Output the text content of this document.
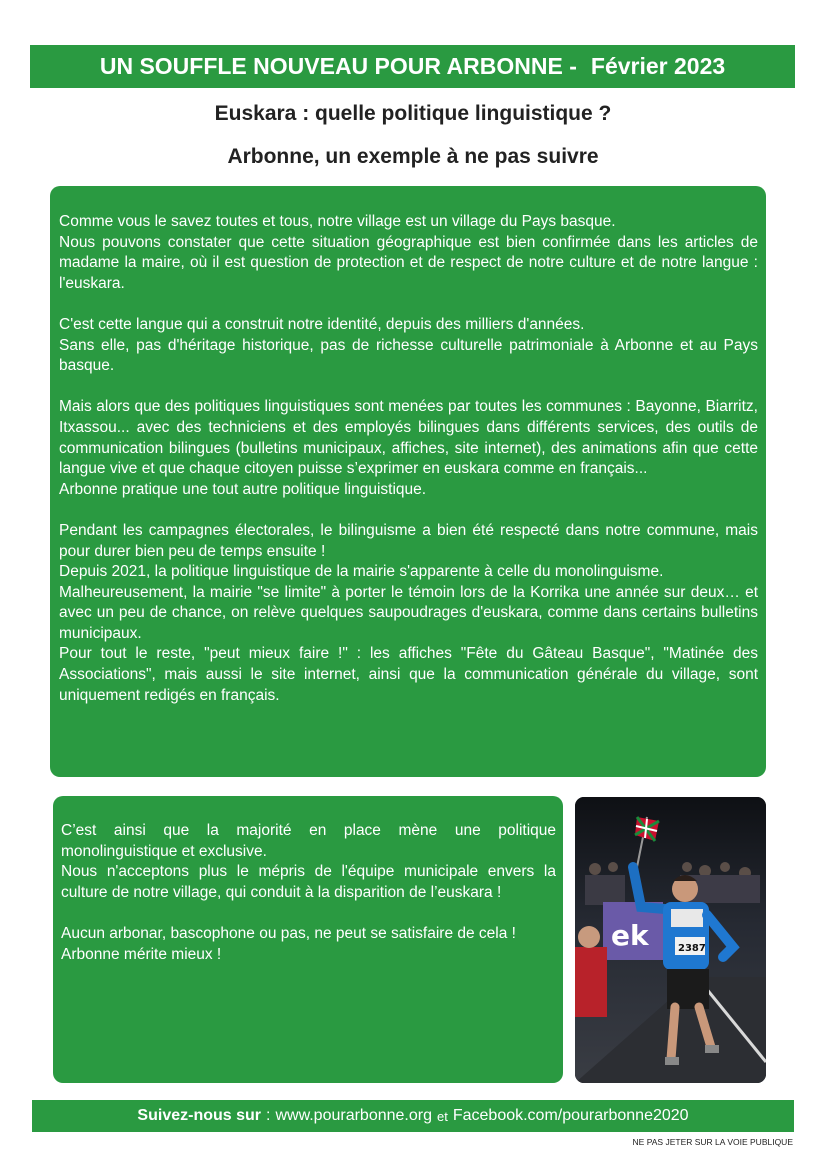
UN SOUFFLE NOUVEAU POUR ARBONNE - Février 2023
Euskara : quelle politique linguistique ?
Arbonne, un exemple à ne pas suivre

Comme vous le savez toutes et tous, notre village est un village du Pays basque.
Nous pouvons constater que cette situation géographique est bien confirmée dans les articles de madame la maire, où il est question de protection et de respect de notre culture et de notre langue : l'euskara.

C'est cette langue qui a construit notre identité, depuis des milliers d'années.
Sans elle, pas d'héritage historique, pas de richesse culturelle patrimoniale à Arbonne et au Pays basque.

Mais alors que des politiques linguistiques sont menées par toutes les communes : Bayonne, Biarritz, Itxassou... avec des techniciens et des employés bilingues dans différents services, des outils de communication bilingues (bulletins municipaux, affiches, site internet), des animations afin que cette langue vive et que chaque citoyen puisse s’exprimer en euskara comme en français...
Arbonne pratique une tout autre politique linguistique.

Pendant les campagnes électorales, le bilinguisme a bien été respecté dans notre commune, mais pour durer bien peu de temps ensuite !
Depuis 2021, la politique linguistique de la mairie s'apparente à celle du monolinguisme.
Malheureusement, la mairie "se limite" à porter le témoin lors de la Korrika une année sur deux… et avec un peu de chance, on relève quelques saupoudrages d'euskara, comme dans certains bulletins municipaux.
Pour tout le reste, "peut mieux faire !" : les affiches "Fête du Gâteau Basque", "Matinée des Associations", mais aussi le site internet, ainsi que la communication générale du village, sont uniquement redigés en français.

C’est ainsi que la majorité en place mène une politique monolinguistique et exclusive.
Nous n'acceptons plus le mépris de l'équipe municipale envers la culture de notre village, qui conduit à la disparition de l’euskara !

Aucun arbonar, bascophone ou pas, ne peut se satisfaire de cela !
Arbonne mérite mieux !

ek	2387
Suivez-nous sur : www.pourarbonne.org et Facebook.com/pourarbonne2020
NE PAS JETER SUR LA VOIE PUBLIQUE
